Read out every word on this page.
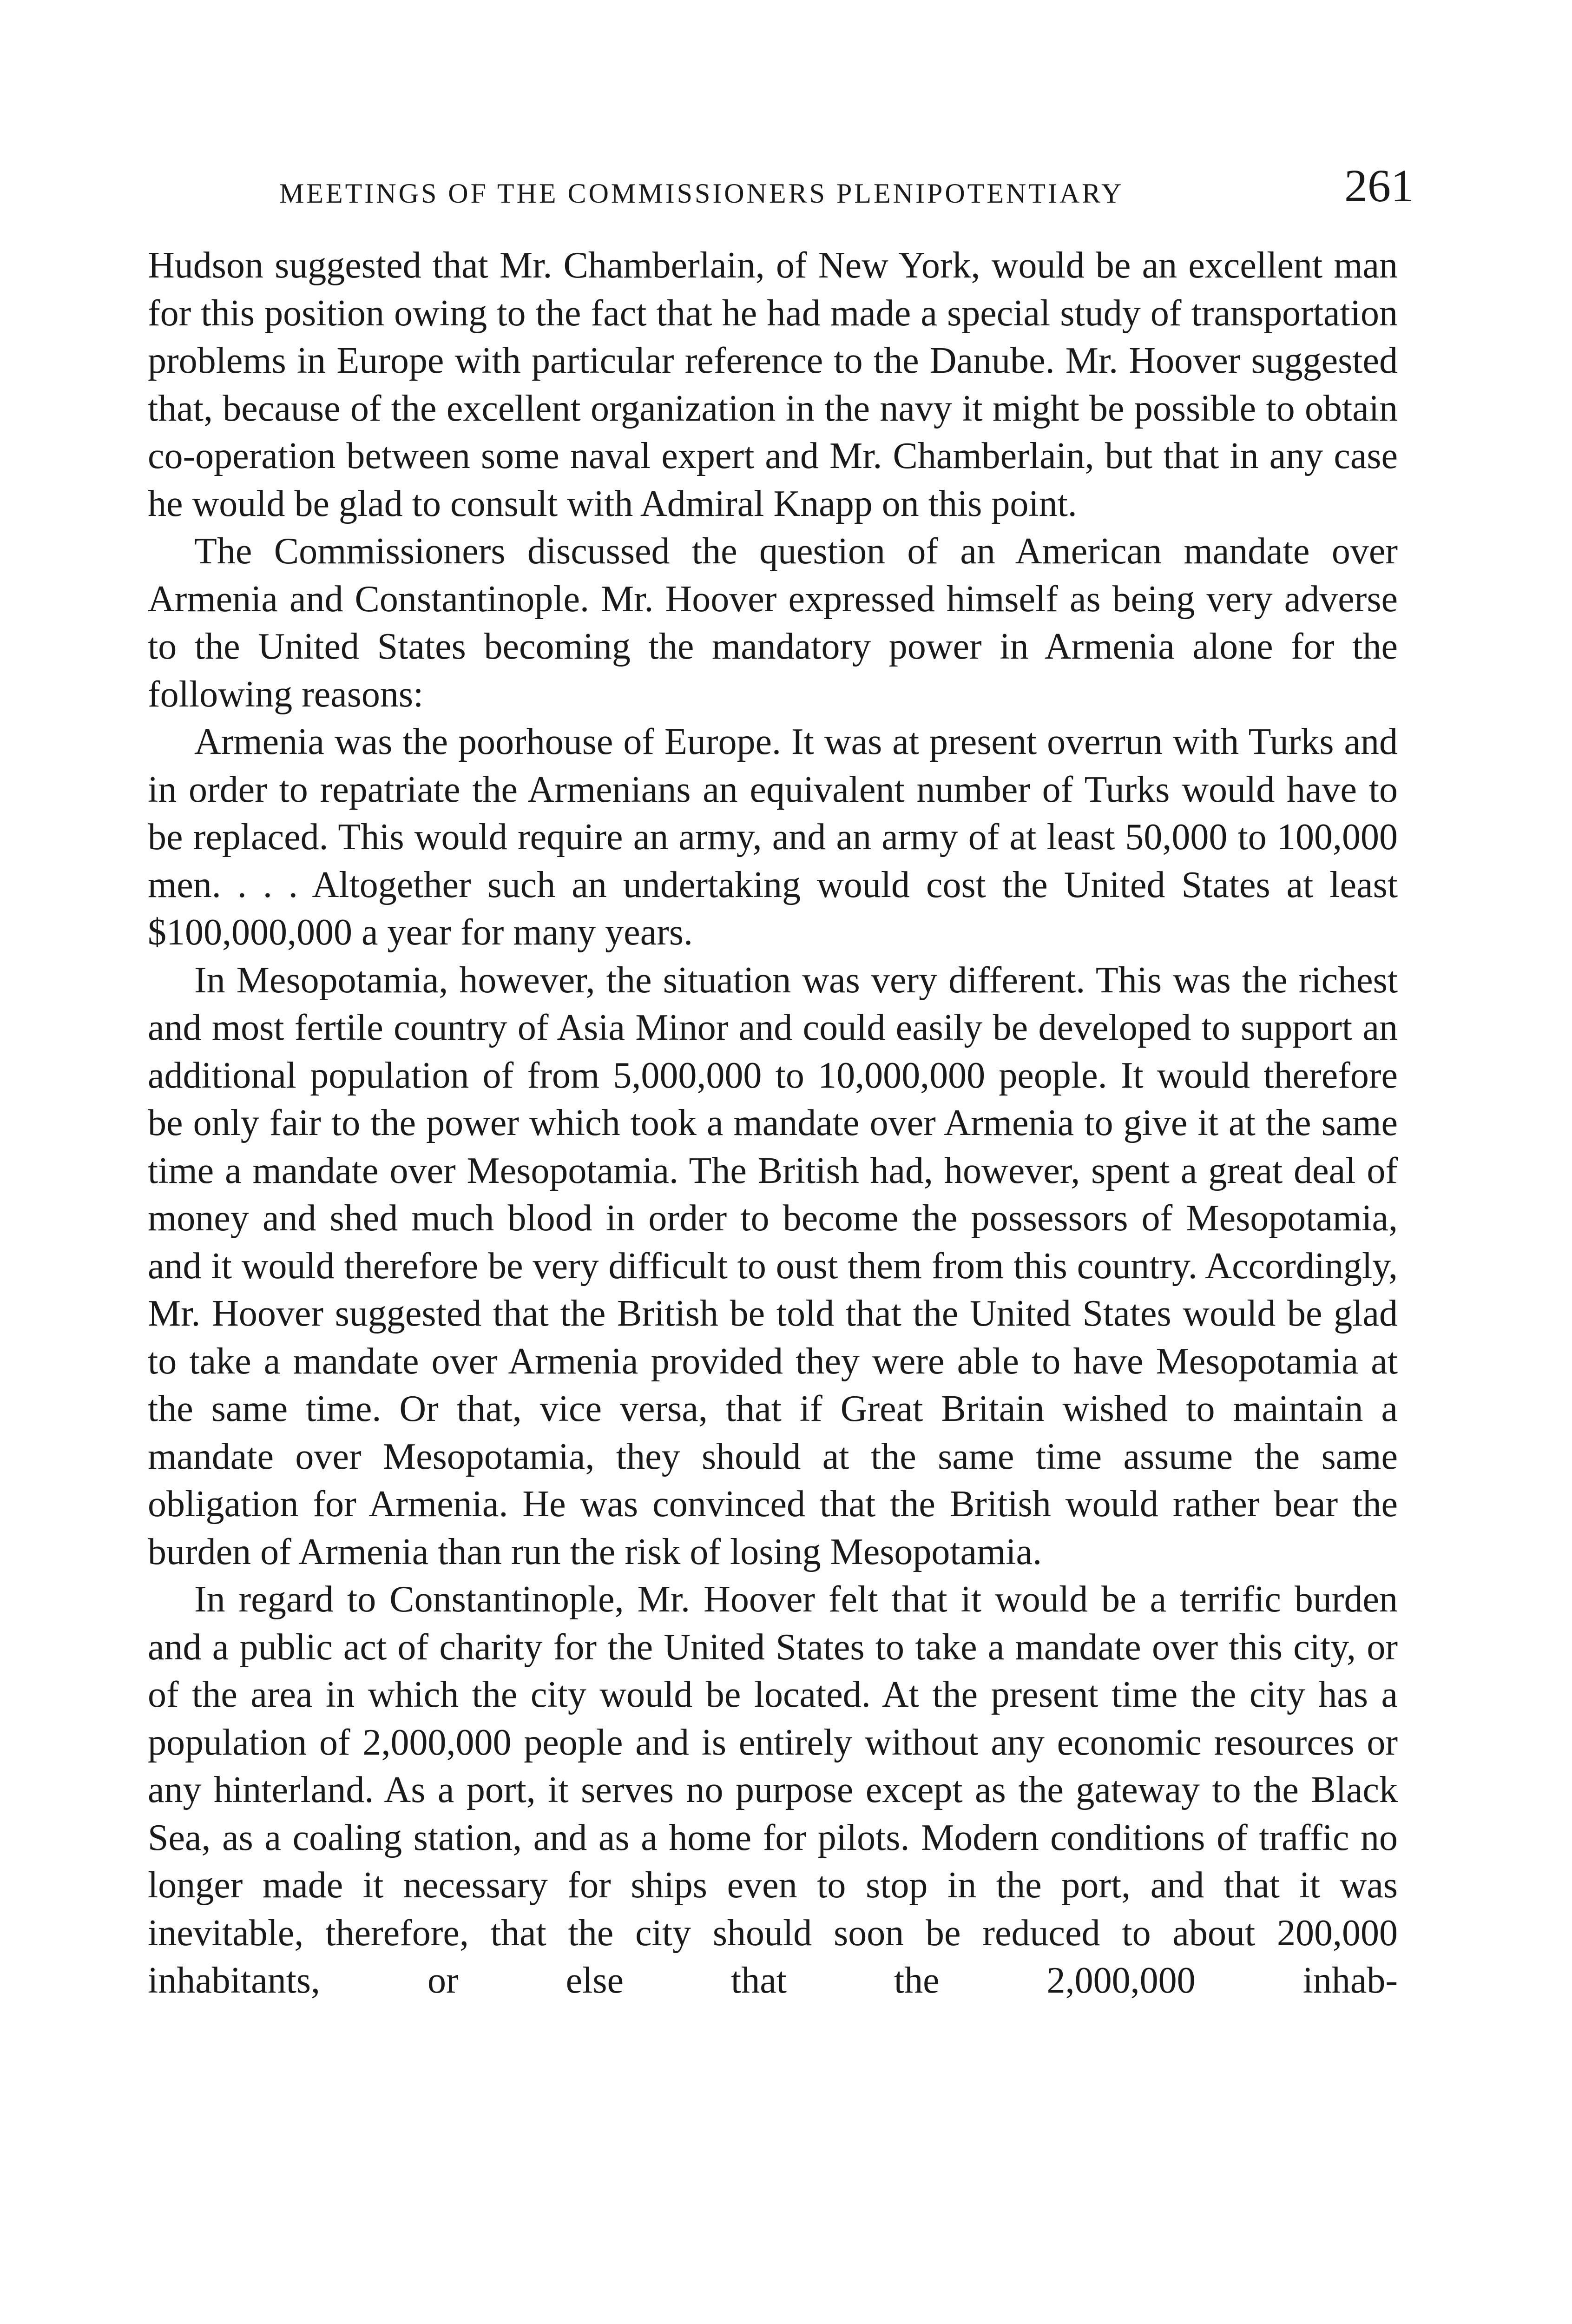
MEETINGS OF THE COMMISSIONERS PLENIPOTENTIARY	261

Hudson suggested that Mr. Chamberlain, of New York, would be an excellent man for this position owing to the fact that he had made a special study of transportation problems in Europe with particular reference to the Danube. Mr. Hoover suggested that, because of the excellent organization in the navy it might be possible to obtain co-operation between some naval expert and Mr. Chamberlain, but that in any case he would be glad to consult with Admiral Knapp on this point.

The Commissioners discussed the question of an American mandate over Armenia and Constantinople. Mr. Hoover expressed himself as being very adverse to the United States becoming the mandatory power in Armenia alone for the following reasons:

Armenia was the poorhouse of Europe. It was at present overrun with Turks and in order to repatriate the Armenians an equivalent number of Turks would have to be replaced. This would require an army, and an army of at least 50,000 to 100,000 men. . . . Altogether such an undertaking would cost the United States at least $100,000,000 a year for many years.

In Mesopotamia, however, the situation was very different. This was the richest and most fertile country of Asia Minor and could easily be developed to support an additional population of from 5,000,000 to 10,000,000 people. It would therefore be only fair to the power which took a mandate over Armenia to give it at the same time a mandate over Mesopotamia. The British had, however, spent a great deal of money and shed much blood in order to become the possessors of Mesopotamia, and it would therefore be very difficult to oust them from this country. Accordingly, Mr. Hoover suggested that the British be told that the United States would be glad to take a mandate over Armenia provided they were able to have Mesopotamia at the same time. Or that, vice versa, that if Great Britain wished to maintain a mandate over Mesopotamia, they should at the same time assume the same obligation for Armenia. He was convinced that the British would rather bear the burden of Armenia than run the risk of losing Mesopotamia.

In regard to Constantinople, Mr. Hoover felt that it would be a terrific burden and a public act of charity for the United States to take a mandate over this city, or of the area in which the city would be located. At the present time the city has a population of 2,000,000 people and is entirely without any economic resources or any hinterland. As a port, it serves no purpose except as the gateway to the Black Sea, as a coaling station, and as a home for pilots. Modern conditions of traffic no longer made it necessary for ships even to stop in the port, and that it was inevitable, therefore, that the city should soon be reduced to about 200,000 inhabitants, or else that the 2,000,000 inhab-
